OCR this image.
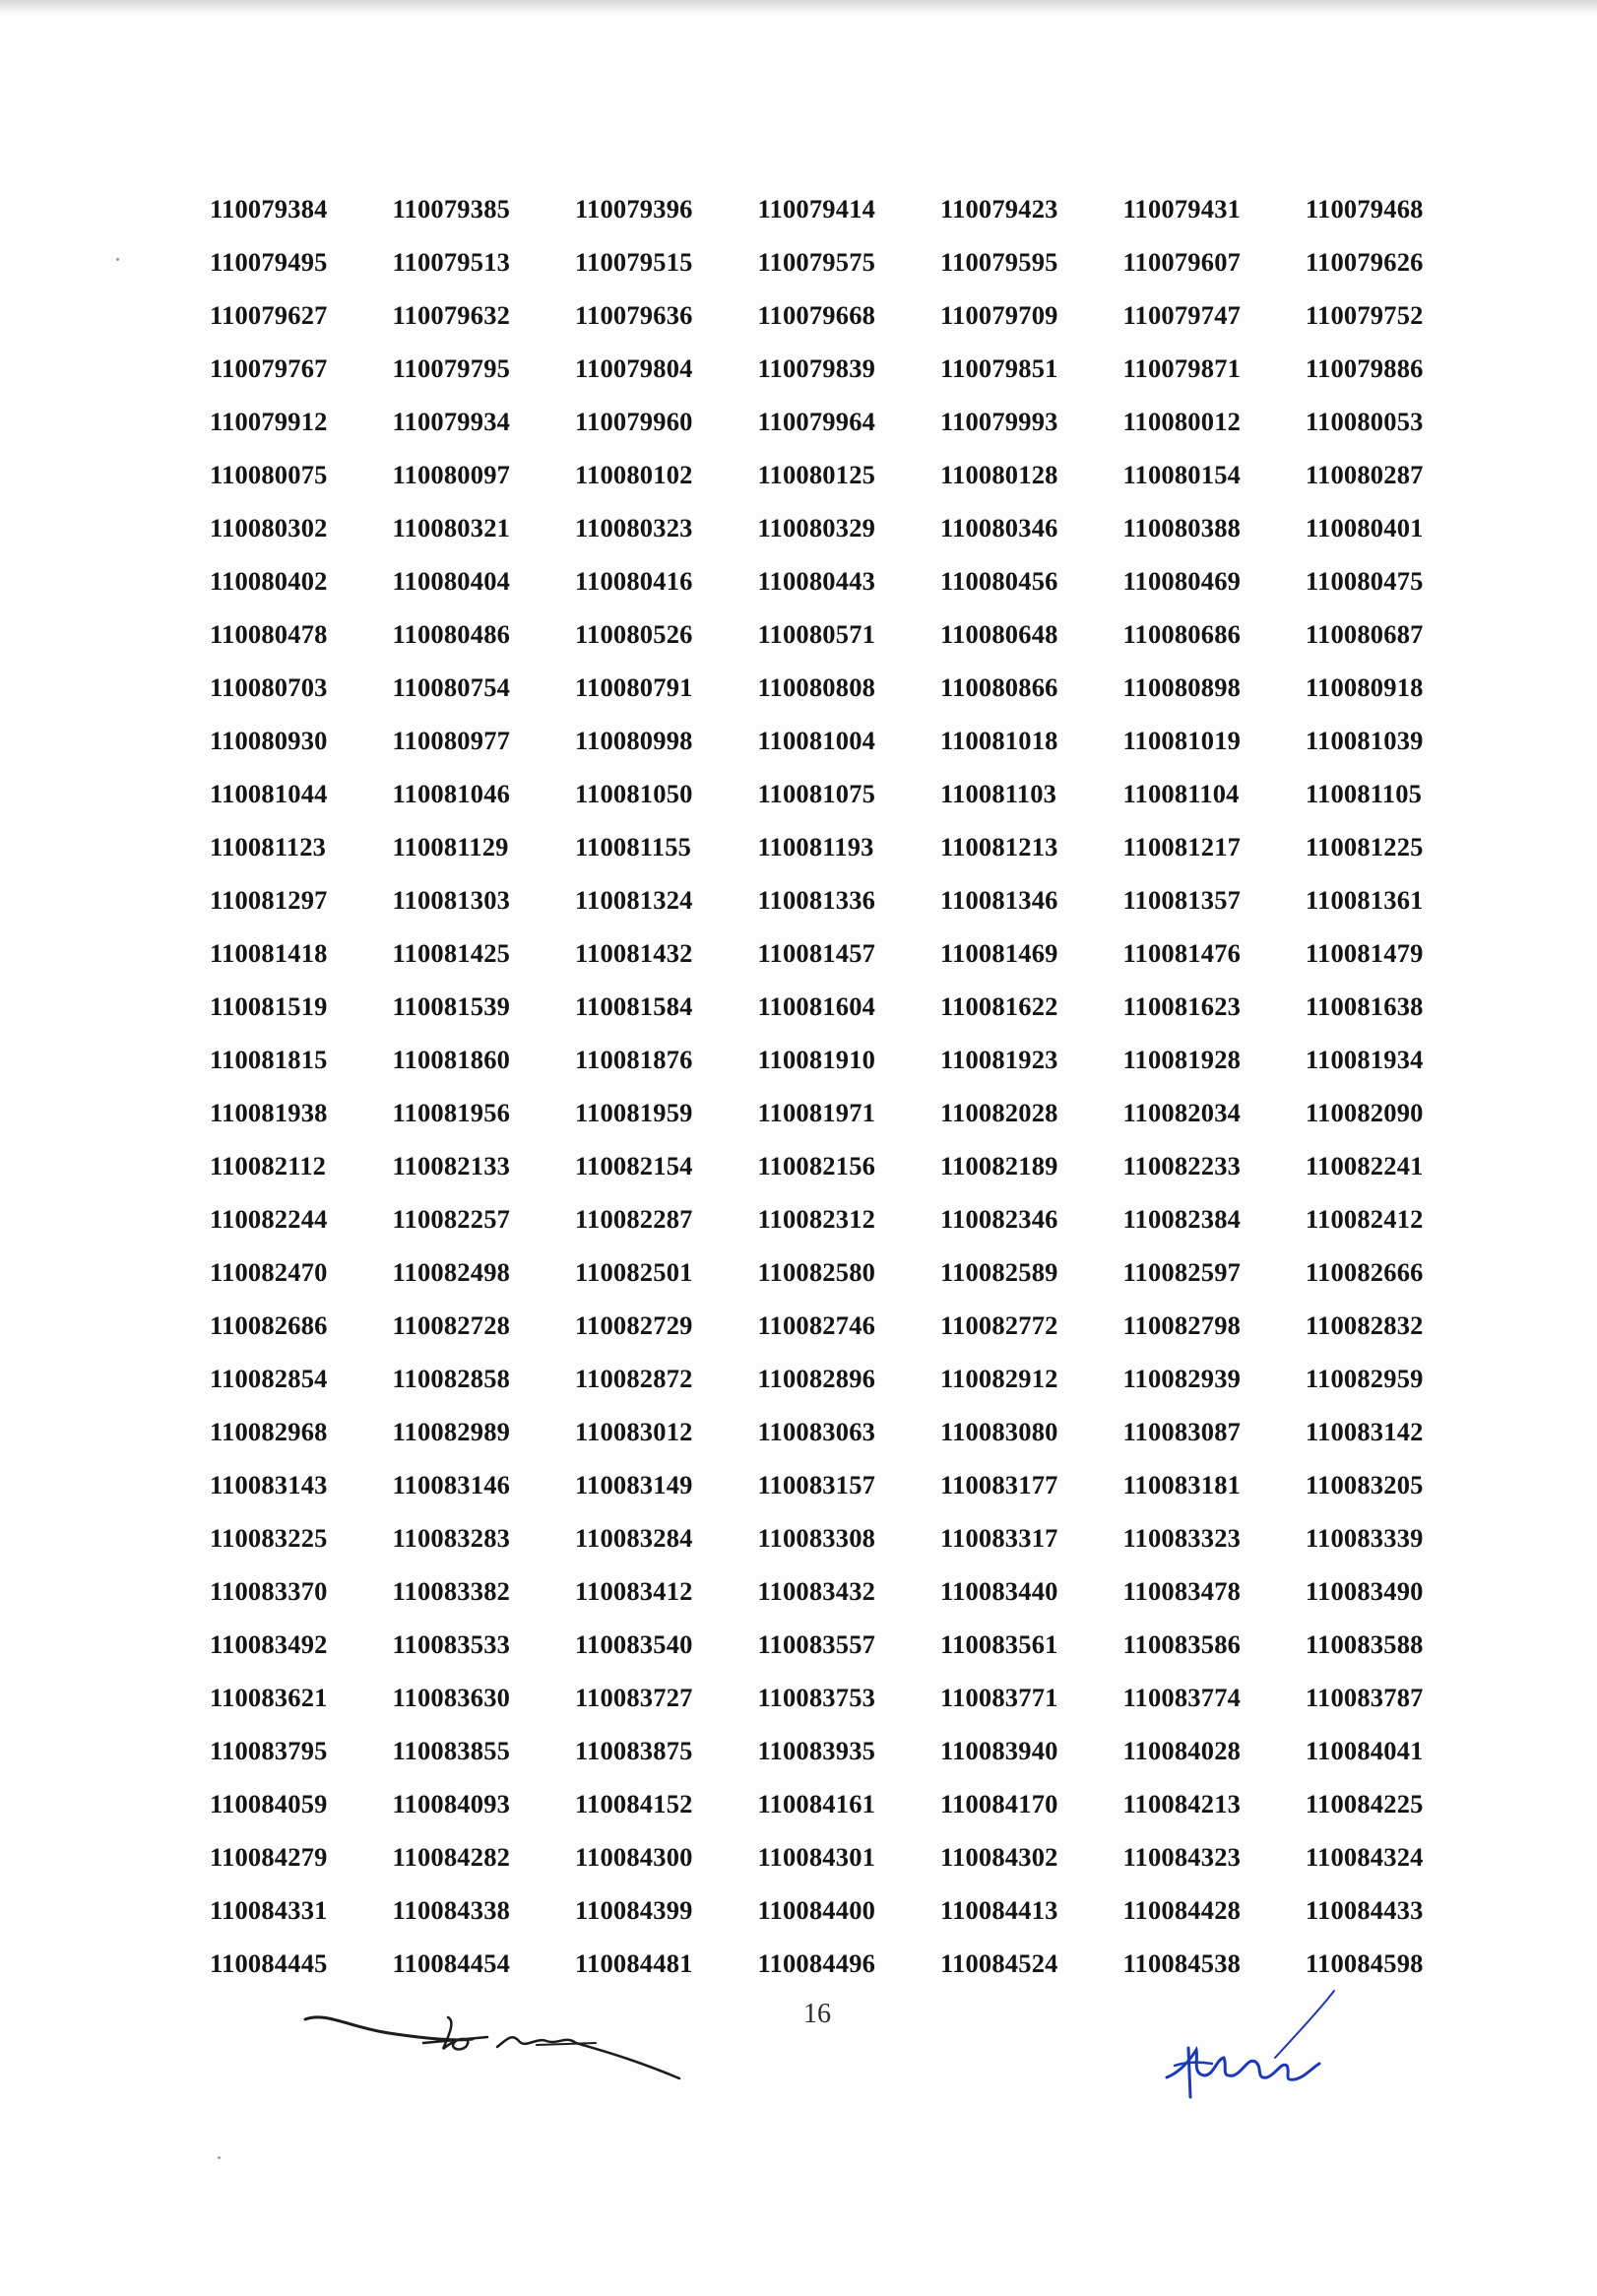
110079384	110079385	110079396	110079414	110079423	110079431	110079468
110079495	110079513	110079515	110079575	110079595	110079607	110079626
110079627	110079632	110079636	110079668	110079709	110079747	110079752
110079767	110079795	110079804	110079839	110079851	110079871	110079886
110079912	110079934	110079960	110079964	110079993	110080012	110080053
110080075	110080097	110080102	110080125	110080128	110080154	110080287
110080302	110080321	110080323	110080329	110080346	110080388	110080401
110080402	110080404	110080416	110080443	110080456	110080469	110080475
110080478	110080486	110080526	110080571	110080648	110080686	110080687
110080703	110080754	110080791	110080808	110080866	110080898	110080918
110080930	110080977	110080998	110081004	110081018	110081019	110081039
110081044	110081046	110081050	110081075	110081103	110081104	110081105
110081123	110081129	110081155	110081193	110081213	110081217	110081225
110081297	110081303	110081324	110081336	110081346	110081357	110081361
110081418	110081425	110081432	110081457	110081469	110081476	110081479
110081519	110081539	110081584	110081604	110081622	110081623	110081638
110081815	110081860	110081876	110081910	110081923	110081928	110081934
110081938	110081956	110081959	110081971	110082028	110082034	110082090
110082112	110082133	110082154	110082156	110082189	110082233	110082241
110082244	110082257	110082287	110082312	110082346	110082384	110082412
110082470	110082498	110082501	110082580	110082589	110082597	110082666
110082686	110082728	110082729	110082746	110082772	110082798	110082832
110082854	110082858	110082872	110082896	110082912	110082939	110082959
110082968	110082989	110083012	110083063	110083080	110083087	110083142
110083143	110083146	110083149	110083157	110083177	110083181	110083205
110083225	110083283	110083284	110083308	110083317	110083323	110083339
110083370	110083382	110083412	110083432	110083440	110083478	110083490
110083492	110083533	110083540	110083557	110083561	110083586	110083588
110083621	110083630	110083727	110083753	110083771	110083774	110083787
110083795	110083855	110083875	110083935	110083940	110084028	110084041
110084059	110084093	110084152	110084161	110084170	110084213	110084225
110084279	110084282	110084300	110084301	110084302	110084323	110084324
110084331	110084338	110084399	110084400	110084413	110084428	110084433
110084445	110084454	110084481	110084496	110084524	110084538	110084598
16
